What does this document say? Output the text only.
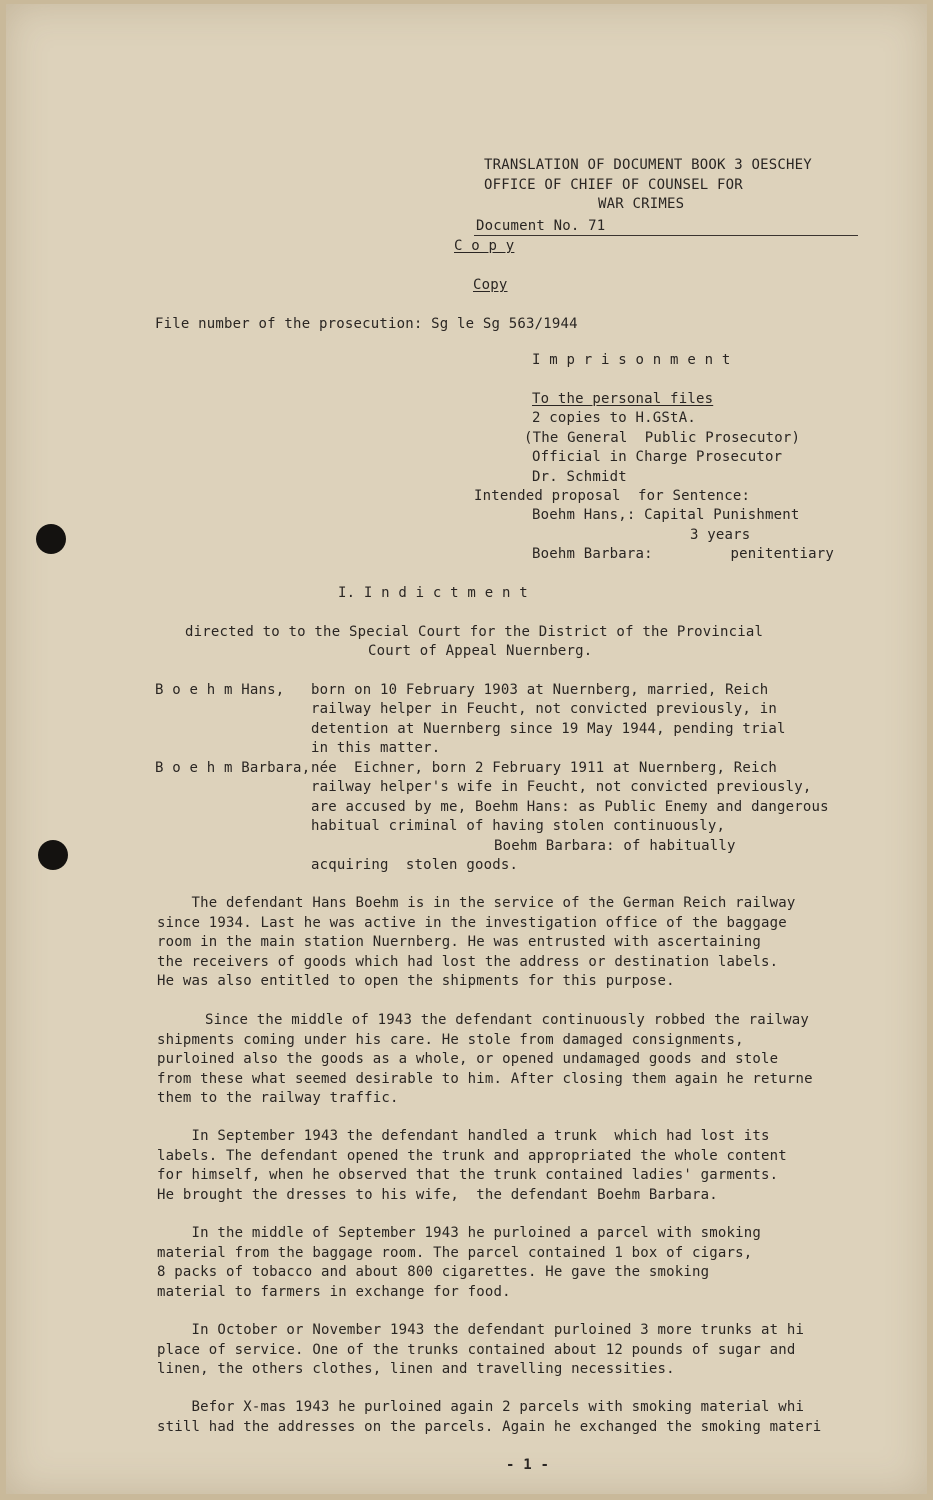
TRANSLATION OF DOCUMENT BOOK 3 OESCHEY

OFFICE OF CHIEF OF COUNSEL FOR

WAR CRIMES

Document No. 71

C o p y

Copy

File number of the prosecution: Sg le Sg 563/1944

I m p r i s o n m e n t

To the personal files

2 copies to H.GStA.

(The General  Public Prosecutor)

Official in Charge Prosecutor

Dr. Schmidt

Intended proposal  for Sentence:

Boehm Hans,: Capital Punishment

3 years

Boehm Barbara:         penitentiary

I. I n d i c t m e n t

directed to to the Special Court for the District of the Provincial

Court of Appeal Nuernberg.

B o e h m Hans, born on 10 February 1903 at Nuernberg, married, Reich

railway helper in Feucht, not convicted previously, in

detention at Nuernberg since 19 May 1944, pending trial

in this matter.

B o e h m Barbara, née  Eichner, born 2 February 1911 at Nuernberg, Reich

railway helper's wife in Feucht, not convicted previously,

are accused by me, Boehm Hans: as Public Enemy and dangerous

habitual criminal of having stolen continuously,

Boehm Barbara: of habitually

acquiring  stolen goods.

The defendant Hans Boehm is in the service of the German Reich railway
since 1934. Last he was active in the investigation office of the baggage
room in the main station Nuernberg. He was entrusted with ascertaining
the receivers of goods which had lost the address or destination labels.
He was also entitled to open the shipments for this purpose.
Since the middle of 1943 the defendant continuously robbed the railway
shipments coming under his care. He stole from damaged consignments,
purloined also the goods as a whole, or opened undamaged goods and stole
from these what seemed desirable to him. After closing them again he returne
them to the railway traffic.
In September 1943 the defendant handled a trunk  which had lost its
labels. The defendant opened the trunk and appropriated the whole content
for himself, when he observed that the trunk contained ladies' garments.
He brought the dresses to his wife,  the defendant Boehm Barbara.
In the middle of September 1943 he purloined a parcel with smoking
material from the baggage room. The parcel contained 1 box of cigars,
8 packs of tobacco and about 800 cigarettes. He gave the smoking
material to farmers in exchange for food.
In October or November 1943 the defendant purloined 3 more trunks at hi
place of service. One of the trunks contained about 12 pounds of sugar and
linen, the others clothes, linen and travelling necessities.
Befor X-mas 1943 he purloined again 2 parcels with smoking material whi
still had the addresses on the parcels. Again he exchanged the smoking materi

- 1 -
